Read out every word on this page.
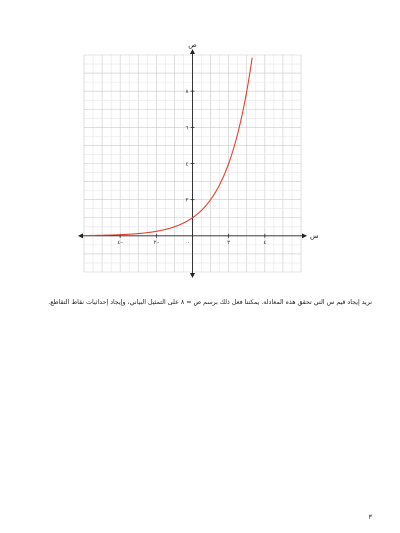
س
ص
٤–	٢–	٠	٢	٤
٢
٤
٦
٨
نريد إيجاد قيم س التي تحقق هذه المعادلة. يمكننا فعل ذلك برسم ص = ٨ على التمثيل البياني، وإيجاد إحداثيات نقاط التقاطع.
٣
